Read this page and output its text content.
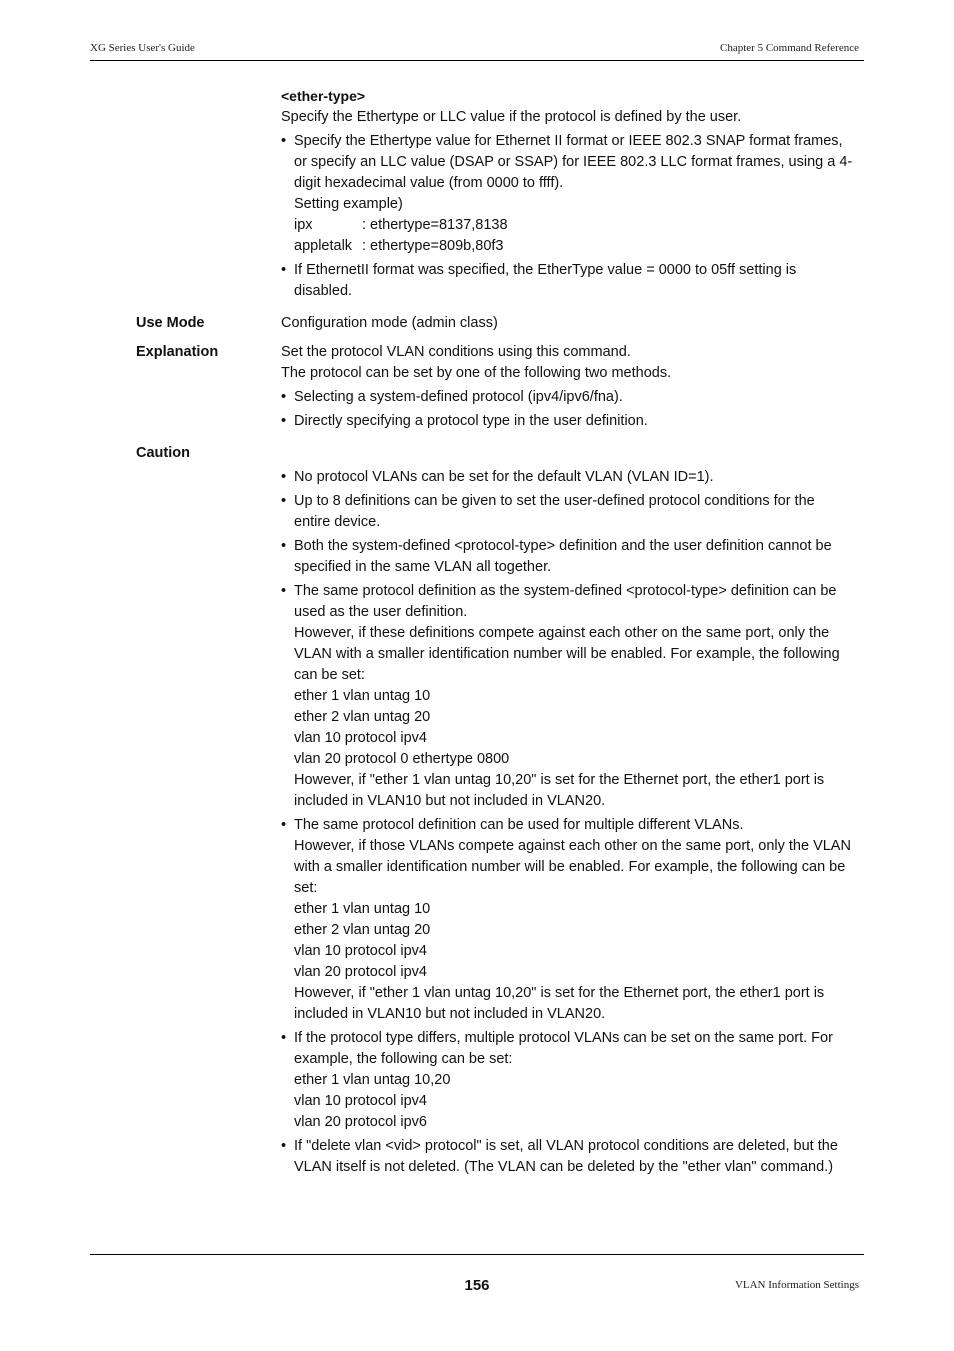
XG Series User's Guide	Chapter 5 Command Reference
<ether-type>
Specify the Ethertype or LLC value if the protocol is defined by the user.
• Specify the Ethertype value for Ethernet II format or IEEE 802.3 SNAP format frames,
or specify an LLC value (DSAP or SSAP) for IEEE 802.3 LLC format frames, using a 4-
digit hexadecimal value (from 0000 to ffff).
Setting example)
ipx	: ethertype=8137,8138
appletalk : ethertype=809b,80f3
• If EthernetII format was specified, the EtherType value = 0000 to 05ff setting is
disabled.
Use Mode	Configuration mode (admin class)
Explanation	Set the protocol VLAN conditions using this command.
The protocol can be set by one of the following two methods.
• Selecting a system-defined protocol (ipv4/ipv6/fna).
• Directly specifying a protocol type in the user definition.
Caution
• No protocol VLANs can be set for the default VLAN (VLAN ID=1).
• Up to 8 definitions can be given to set the user-defined protocol conditions for the
entire device.
• Both the system-defined <protocol-type> definition and the user definition cannot be
specified in the same VLAN all together.
• The same protocol definition as the system-defined <protocol-type> definition can be
used as the user definition.
However, if these definitions compete against each other on the same port, only the
VLAN with a smaller identification number will be enabled. For example, the following
can be set:
ether 1 vlan untag 10
ether 2 vlan untag 20
vlan 10 protocol ipv4
vlan 20 protocol 0 ethertype 0800
However, if "ether 1 vlan untag 10,20" is set for the Ethernet port, the ether1 port is
included in VLAN10 but not included in VLAN20.
• The same protocol definition can be used for multiple different VLANs.
However, if those VLANs compete against each other on the same port, only the VLAN
with a smaller identification number will be enabled. For example, the following can be
set:
ether 1 vlan untag 10
ether 2 vlan untag 20
vlan 10 protocol ipv4
vlan 20 protocol ipv4
However, if "ether 1 vlan untag 10,20" is set for the Ethernet port, the ether1 port is
included in VLAN10 but not included in VLAN20.
• If the protocol type differs, multiple protocol VLANs can be set on the same port. For
example, the following can be set:
ether 1 vlan untag 10,20
vlan 10 protocol ipv4
vlan 20 protocol ipv6
• If "delete vlan <vid> protocol" is set, all VLAN protocol conditions are deleted, but the
VLAN itself is not deleted. (The VLAN can be deleted by the "ether vlan" command.)
156	VLAN Information Settings
